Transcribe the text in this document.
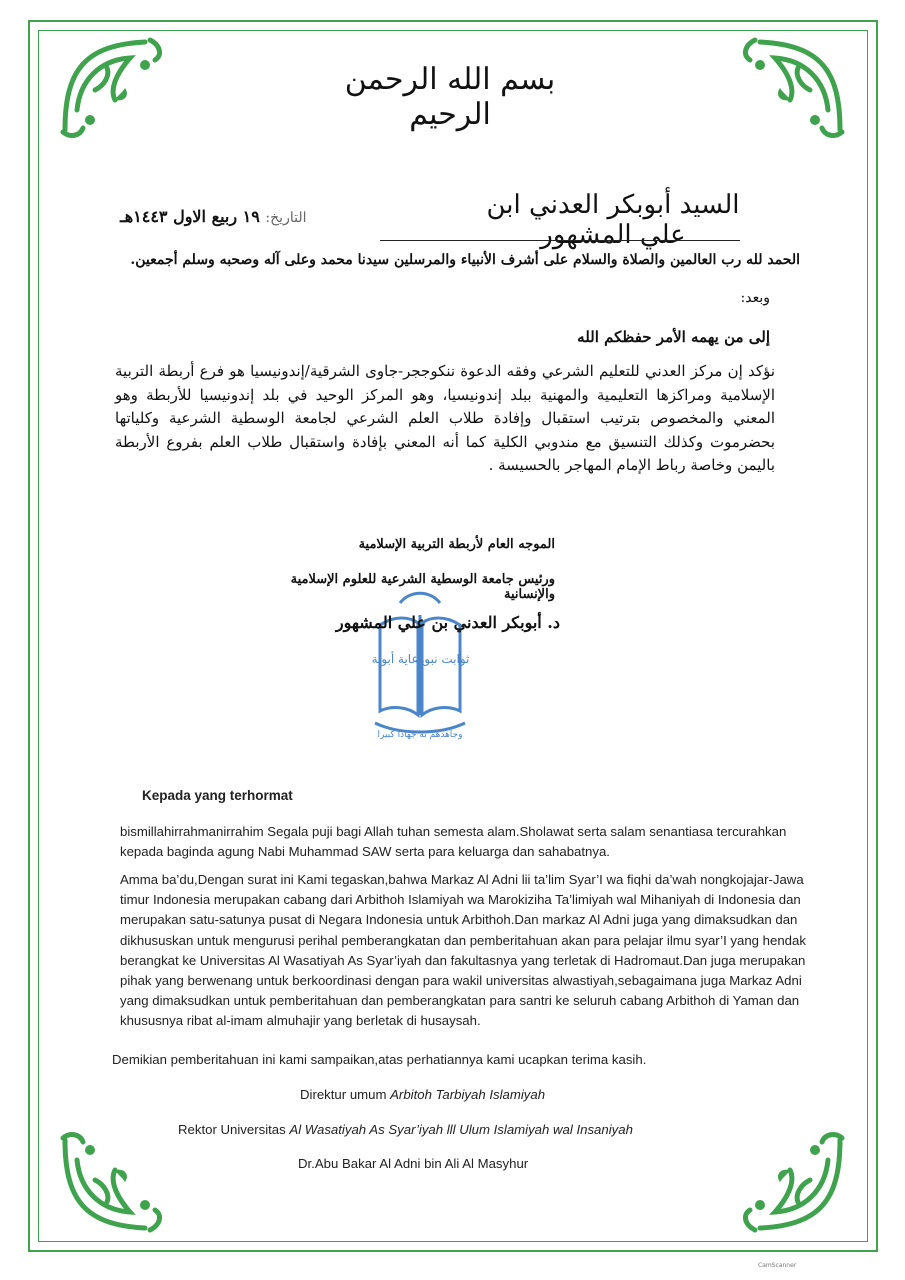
بسم الله الرحمن الرحيم
السيد أبوبكر العدني ابن علي المشهور
التاريخ: ١٩ ربيع الاول ١٤٤٣هـ
الحمد لله رب العالمين والصلاة والسلام على أشرف الأنبياء والمرسلين سيدنا محمد وعلى آله وصحبه وسلم أجمعين.
وبعد:
إلى من يهمه الأمر حفظكم الله
نؤكد إن مركز العدني للتعليم الشرعي وفقه الدعوة ننكوججر-جاوى الشرقية/إندونيسيا هو فرع أربطة التربية الإسلامية ومراكزها التعليمية والمهنية ببلد إندونيسيا، وهو المركز الوحيد في بلد إندونيسيا للأربطة وهو المعني والمخصوص بترتيب استقبال وإفادة طلاب العلم الشرعي لجامعة الوسطية الشرعية وكلياتها بحضرموت وكذلك التنسيق مع مندوبي الكلية كما أنه المعني بإفادة واستقبال طلاب العلم بفروع الأربطة باليمن وخاصة رباط الإمام المهاجر بالحسيسة .
الموجه العام لأربطة التربية الإسلامية
ورئيس جامعة الوسطية الشرعية للعلوم الإسلامية والإنسانية
رعاية أبوية
ثوابت نبوية
وجاهدهم به جهادا كبيرا
د. أبوبكر العدني بن علي المشهور
Kepada yang terhormat
bismillahirrahmanirrahim Segala puji bagi Allah tuhan semesta alam.Sholawat serta salam senantiasa tercurahkan kepada baginda agung Nabi Muhammad SAW serta para keluarga dan sahabatnya.
Amma ba’du,Dengan surat ini Kami tegaskan,bahwa Markaz Al Adni lii ta’lim Syar’I wa fiqhi da’wah nongkojajar-Jawa timur Indonesia merupakan cabang dari Arbithoh Islamiyah wa Marokiziha Ta’limiyah wal Mihaniyah di Indonesia dan merupakan satu-satunya pusat di Negara Indonesia untuk Arbithoh.Dan markaz Al Adni juga yang dimaksudkan dan dikhususkan untuk mengurusi perihal pemberangkatan dan pemberitahuan akan para pelajar ilmu syar’I yang hendak berangkat ke Universitas Al Wasatiyah As Syar’iyah dan fakultasnya yang terletak di Hadromaut.Dan juga merupakan pihak yang berwenang untuk berkoordinasi dengan para wakil universitas alwastiyah,sebagaimana juga Markaz Adni yang dimaksudkan untuk pemberitahuan dan pemberangkatan para santri ke seluruh cabang Arbithoh di Yaman dan khususnya ribat al-imam almuhajir yang berletak di husaysah.
Demikian pemberitahuan ini kami sampaikan,atas perhatiannya kami ucapkan terima kasih.
Direktur umum Arbitoh Tarbiyah Islamiyah
Rektor Universitas Al Wasatiyah As Syar’iyah lll Ulum Islamiyah wal Insaniyah
Dr.Abu Bakar Al Adni bin Ali Al Masyhur
CamScanner
